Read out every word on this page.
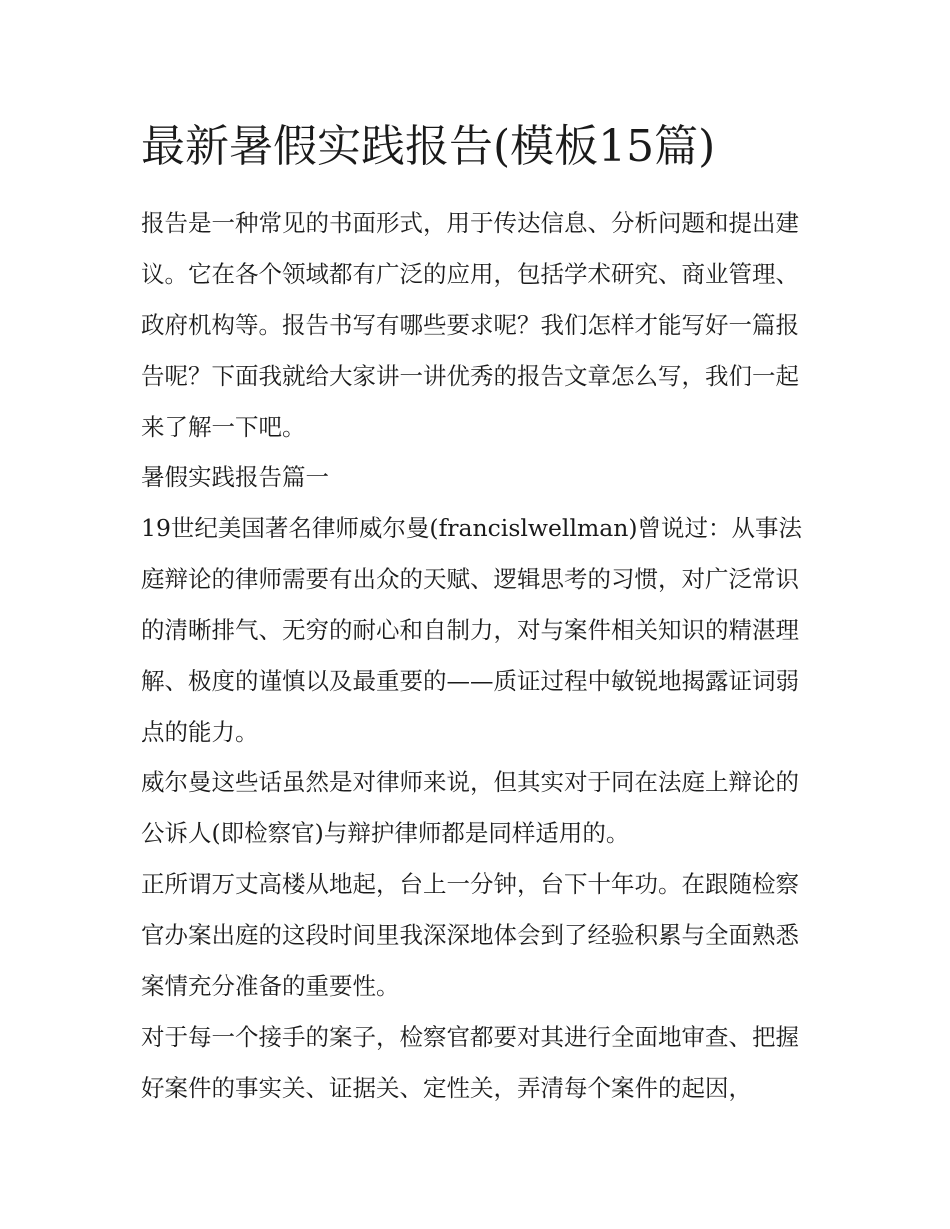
最新暑假实践报告(模板15篇)

报告是一种常见的书面形式，用于传达信息、分析问题和提出建议。它在各个领域都有广泛的应用，包括学术研究、商业管理、政府机构等。报告书写有哪些要求呢？我们怎样才能写好一篇报告呢？下面我就给大家讲一讲优秀的报告文章怎么写，我们一起来了解一下吧。

暑假实践报告篇一

19世纪美国著名律师威尔曼(francislwellman)曾说过：从事法庭辩论的律师需要有出众的天赋、逻辑思考的习惯，对广泛常识的清晰排气、无穷的耐心和自制力，对与案件相关知识的精湛理解、极度的谨慎以及最重要的——质证过程中敏锐地揭露证词弱点的能力。

威尔曼这些话虽然是对律师来说，但其实对于同在法庭上辩论的公诉人(即检察官)与辩护律师都是同样适用的。

正所谓万丈高楼从地起，台上一分钟，台下十年功。在跟随检察官办案出庭的这段时间里我深深地体会到了经验积累与全面熟悉案情充分准备的重要性。

对于每一个接手的案子，检察官都要对其进行全面地审查、把握好案件的事实关、证据关、定性关，弄清每个案件的起因，
